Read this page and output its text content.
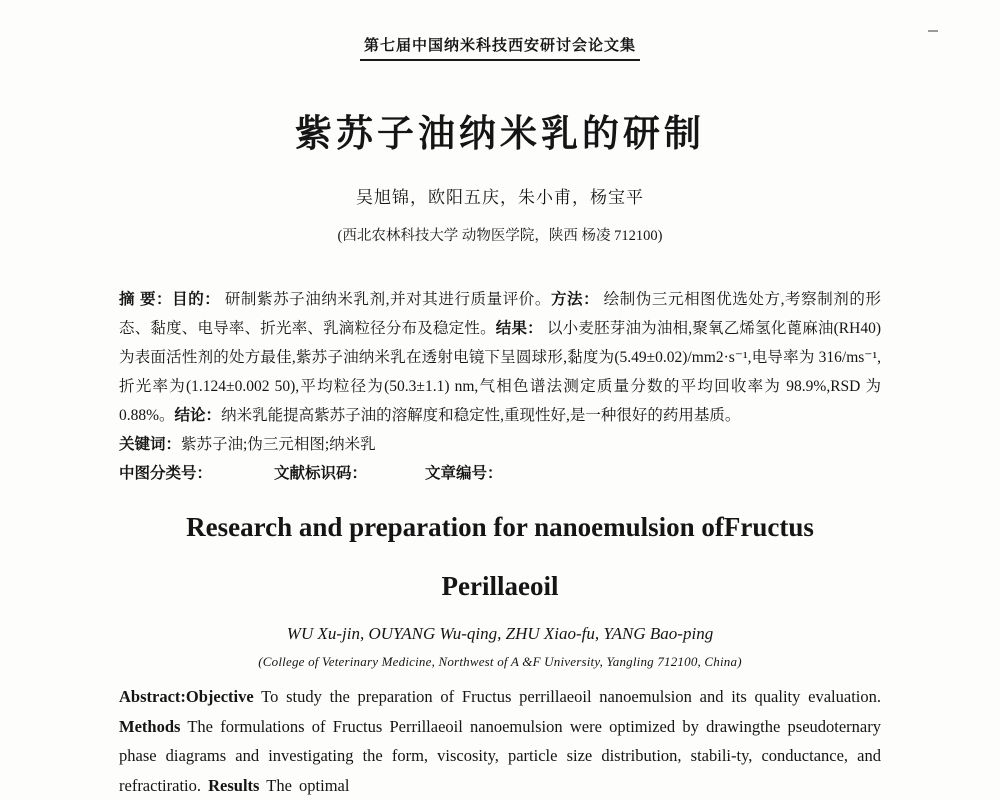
第七届中国纳米科技西安研讨会论文集
紫苏子油纳米乳的研制

吴旭锦，欧阳五庆，朱小甫，杨宝平

(西北农林科技大学 动物医学院，陕西 杨凌 712100)

摘 要：目的： 研制紫苏子油纳米乳剂,并对其进行质量评价。方法： 绘制伪三元相图优选处方,考察制剂的形态、黏度、电导率、折光率、乳滴粒径分布及稳定性。结果： 以小麦胚芽油为油相,聚氧乙烯氢化蓖麻油(RH40)为表面活性剂的处方最佳,紫苏子油纳米乳在透射电镜下呈圆球形,黏度为(5.49±0.02)/mm2·s⁻¹,电导率为 316/ms⁻¹,折光率为(1.124±0.002 50),平均粒径为(50.3±1.1) nm,气相色谱法测定质量分数的平均回收率为 98.9%,RSD 为 0.88%。结论：纳米乳能提高紫苏子油的溶解度和稳定性,重现性好,是一种很好的药用基质。

关键词：紫苏子油;伪三元相图;纳米乳

中图分类号：	文献标识码：	文章编号：

Research and preparation for nanoemulsion ofFructus

Perillaeoil

WU Xu-jin, OUYANG Wu-qing, ZHU Xiao-fu, YANG Bao-ping

(College of Veterinary Medicine, Northwest of A &F University, Yangling 712100, China)

Abstract:Objective To study the preparation of Fructus perrillaeoil nanoemulsion and its quality evaluation. Methods The formulations of Fructus Perrillaeoil nanoemulsion were optimized by drawingthe pseudoternary phase diagrams and investigating the form, viscosity, particle size distribution, stabili-ty, conductance, and refractiratio. Results The optimal
